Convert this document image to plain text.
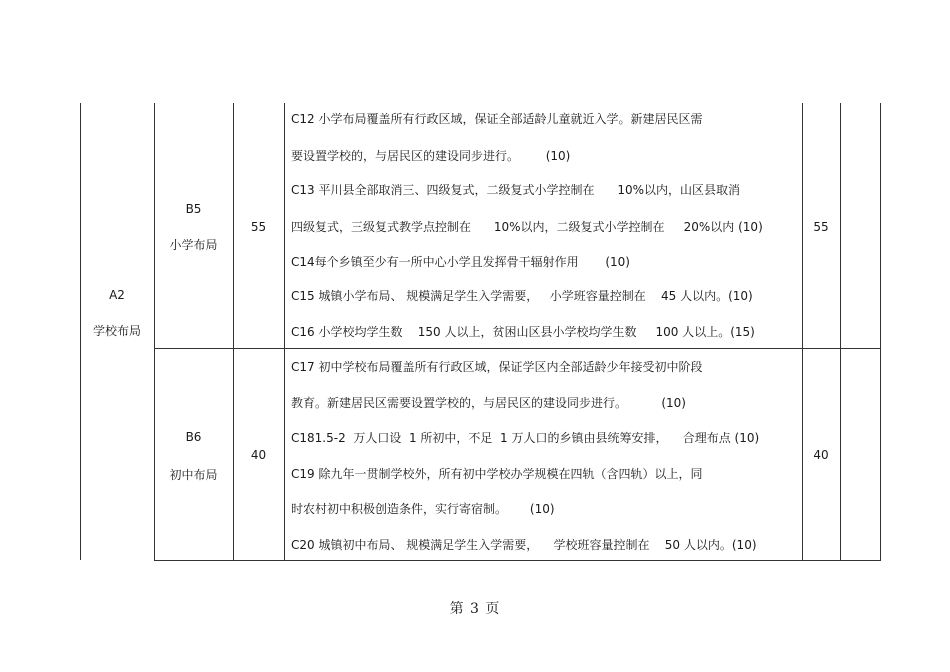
A2
学校布局
B5
小学布局
55	55
C12 小学布局覆盖所有行政区域，保证全部适龄儿童就近入学。新建居民区需
要设置学校的，与居民区的建设同步进行。       (10)
C13 平川县全部取消三、四级复式，二级复式小学控制在      10%以内，山区县取消
四级复式，三级复式教学点控制在      10%以内，二级复式小学控制在     20%以内 (10)
C14每个乡镇至少有一所中心小学且发挥骨干辐射作用       (10)
C15 城镇小学布局、 规模满足学生入学需要，   小学班容量控制在    45 人以内。(10)
C16 小学校均学生数    150 人以上，贫困山区县小学校均学生数     100 人以上。(15)
B6
初中布局
40	40
C17 初中学校布局覆盖所有行政区域，保证学区内全部适龄少年接受初中阶段
教育。新建居民区需要设置学校的，与居民区的建设同步进行。         (10)
C181.5-2  万人口设  1 所初中，不足  1 万人口的乡镇由县统筹安排，    合理布点 (10)
C19 除九年一贯制学校外，所有初中学校办学规模在四轨（含四轨）以上，同
时农村初中积极创造条件，实行寄宿制。      (10)
C20 城镇初中布局、 规模满足学生入学需要，    学校班容量控制在    50 人以内。(10)
第 3 页
